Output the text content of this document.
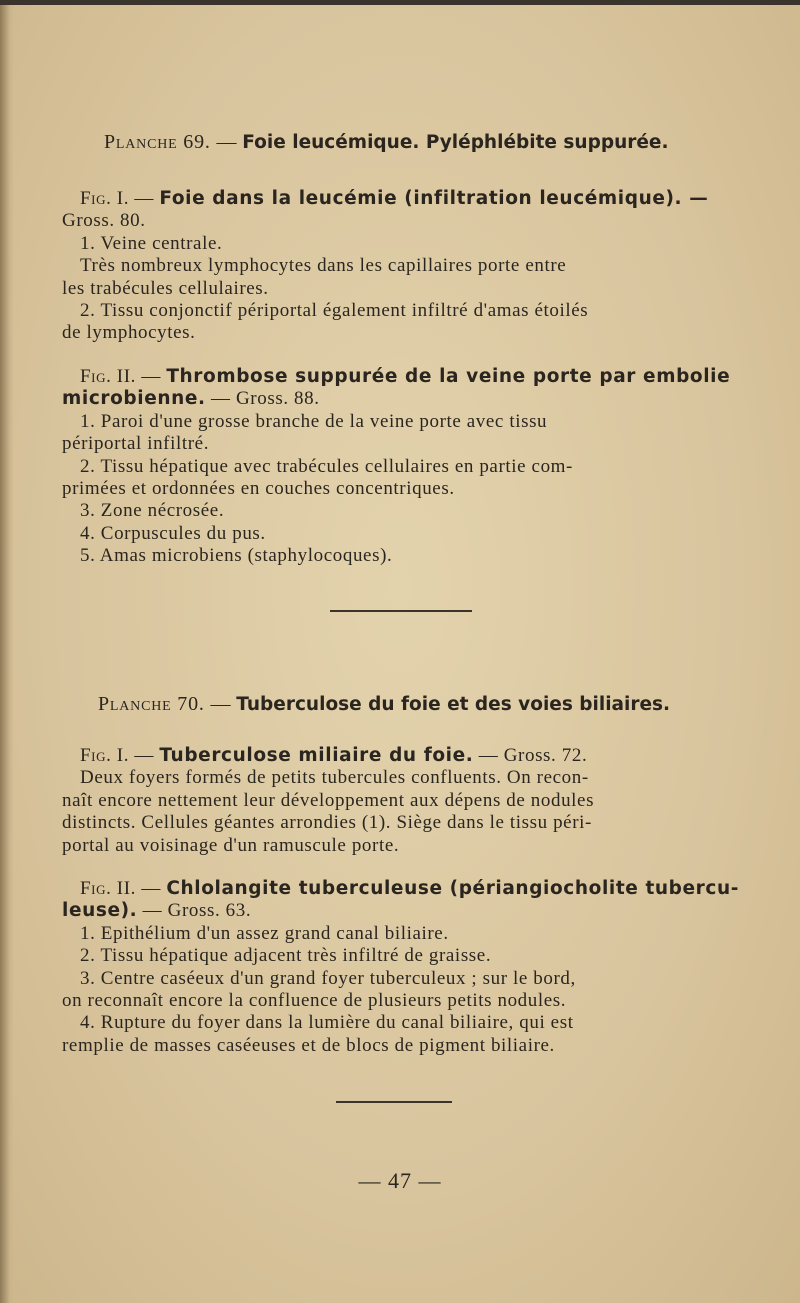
Planche 69. — Foie leucémique. Pyléphlébite suppurée.
Fig. I. — Foie dans la leucémie (infiltration leucémique). —
Gross. 80.
1. Veine centrale.
Très nombreux lymphocytes dans les capillaires porte entre
les trabécules cellulaires.
2. Tissu conjonctif périportal également infiltré d'amas étoilés
de lymphocytes.
Fig. II. — Thrombose suppurée de la veine porte par embolie
microbienne. — Gross. 88.
1. Paroi d'une grosse branche de la veine porte avec tissu
périportal infiltré.
2. Tissu hépatique avec trabécules cellulaires en partie com-
primées et ordonnées en couches concentriques.
3. Zone nécrosée.
4. Corpuscules du pus.
5. Amas microbiens (staphylocoques).
Planche 70. — Tuberculose du foie et des voies biliaires.
Fig. I. — Tuberculose miliaire du foie. — Gross. 72.
Deux foyers formés de petits tubercules confluents. On recon-
naît encore nettement leur développement aux dépens de nodules
distincts. Cellules géantes arrondies (1). Siège dans le tissu péri-
portal au voisinage d'un ramuscule porte.
Fig. II. — Chlolangite tuberculeuse (périangiocholite tubercu-
leuse). — Gross. 63.
1. Epithélium d'un assez grand canal biliaire.
2. Tissu hépatique adjacent très infiltré de graisse.
3. Centre caséeux d'un grand foyer tuberculeux ; sur le bord,
on reconnaît encore la confluence de plusieurs petits nodules.
4. Rupture du foyer dans la lumière du canal biliaire, qui est
remplie de masses caséeuses et de blocs de pigment biliaire.
— 47 —
